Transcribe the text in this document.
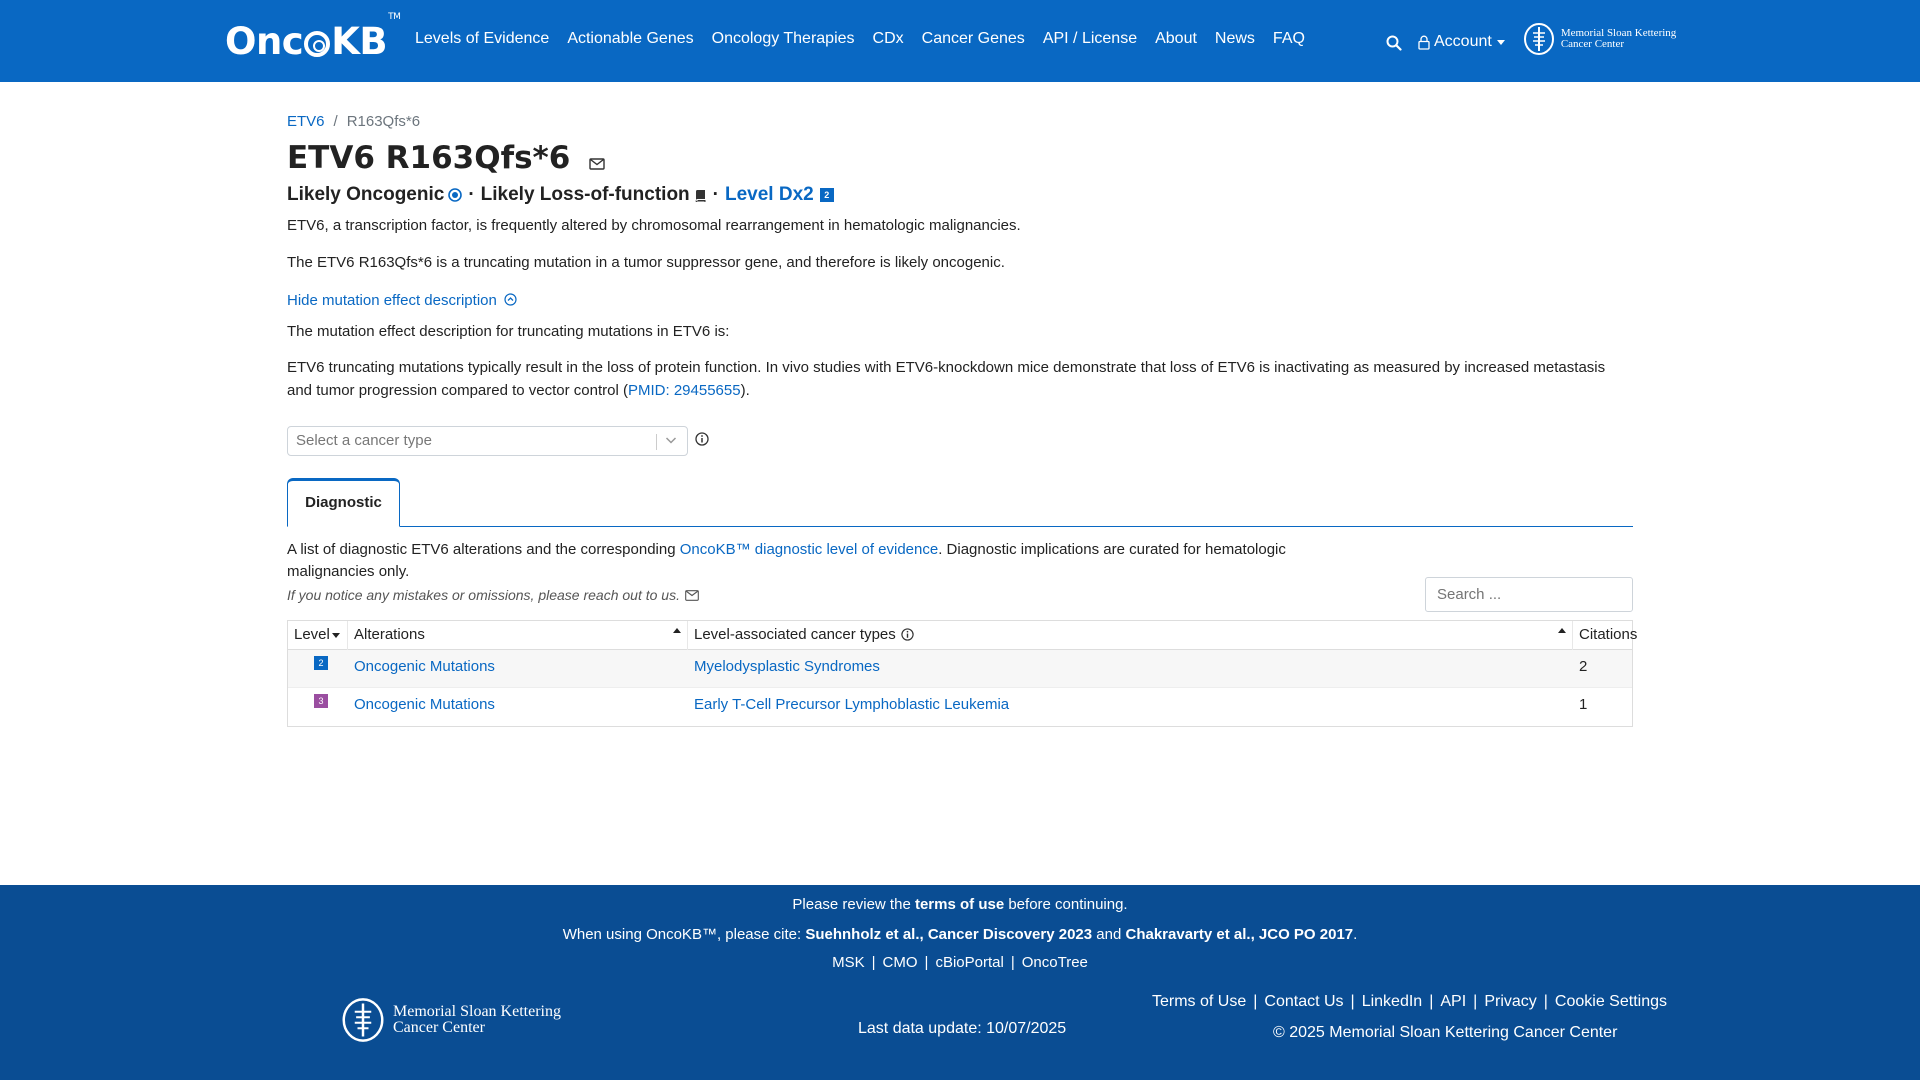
Onc KB™
Levels of Evidence Actionable Genes Oncology Therapies CDx Cancer Genes API / License About News FAQ	Account	Memorial Sloan Kettering
Cancer Center
ETV6 / R163Qfs*6
ETV6 R163Qfs*6
Likely Oncogenic · Likely Loss-of-function · Level Dx2	2
ETV6, a transcription factor, is frequently altered by chromosomal rearrangement in hematologic malignancies.
The ETV6 R163Qfs*6 is a truncating mutation in a tumor suppressor gene, and therefore is likely oncogenic.
Hide mutation effect description
The mutation effect description for truncating mutations in ETV6 is:
ETV6 truncating mutations typically result in the loss of protein function. In vivo studies with ETV6-knockdown mice demonstrate that loss of ETV6 is inactivating as measured by increased metastasis and tumor progression compared to vector control (PMID: 29455655).
Select a cancer type
Diagnostic
A list of diagnostic ETV6 alterations and the corresponding OncoKB™ diagnostic level of evidence. Diagnostic implications are curated for hematologic malignancies only.
If you notice any mistakes or omissions, please reach out to us.
Search ...
Level	Alterations	Level-associated cancer types	Citations
2	Oncogenic Mutations	Myelodysplastic Syndromes	2
3	Oncogenic Mutations	Early T-Cell Precursor Lymphoblastic Leukemia	1
Please review the terms of use before continuing.
When using OncoKB™, please cite: Suehnholz et al., Cancer Discovery 2023 and Chakravarty et al., JCO PO 2017.
MSK | CMO | cBioPortal | OncoTree
Memorial Sloan Kettering
Cancer Center	Last data update: 10/07/2025
Terms of Use | Contact Us | LinkedIn | API | Privacy | Cookie Settings
© 2025 Memorial Sloan Kettering Cancer Center
